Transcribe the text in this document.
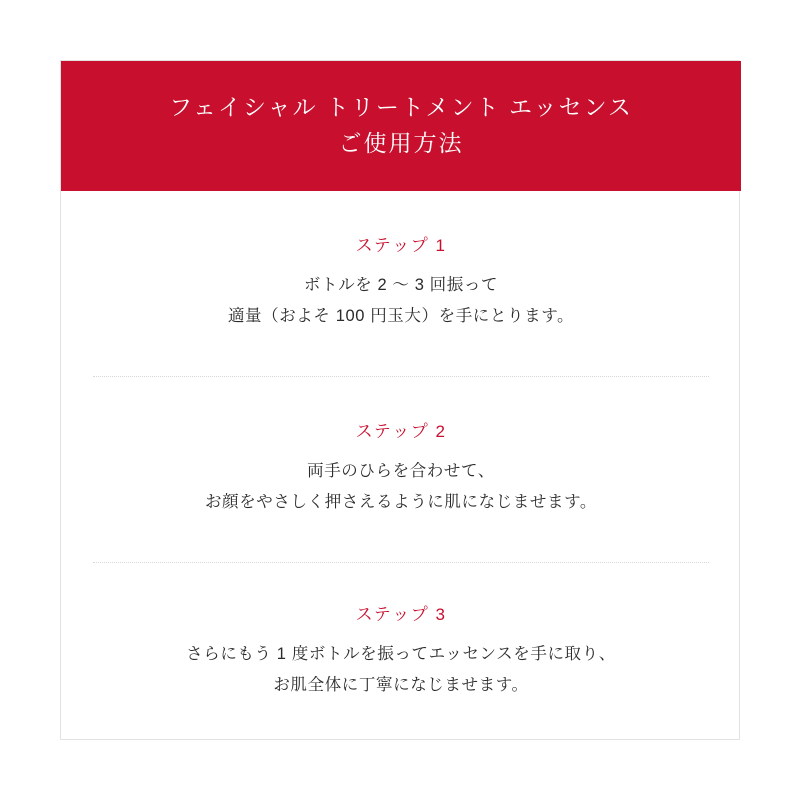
フェイシャル トリートメント エッセンス
ご使用方法
ステップ 1
ボトルを 2 〜 3 回振って
適量（およそ 100 円玉大）を手にとります。
ステップ 2
両手のひらを合わせて、
お顔をやさしく押さえるように肌になじませます。
ステップ 3
さらにもう 1 度ボトルを振ってエッセンスを手に取り、
お肌全体に丁寧になじませます。
